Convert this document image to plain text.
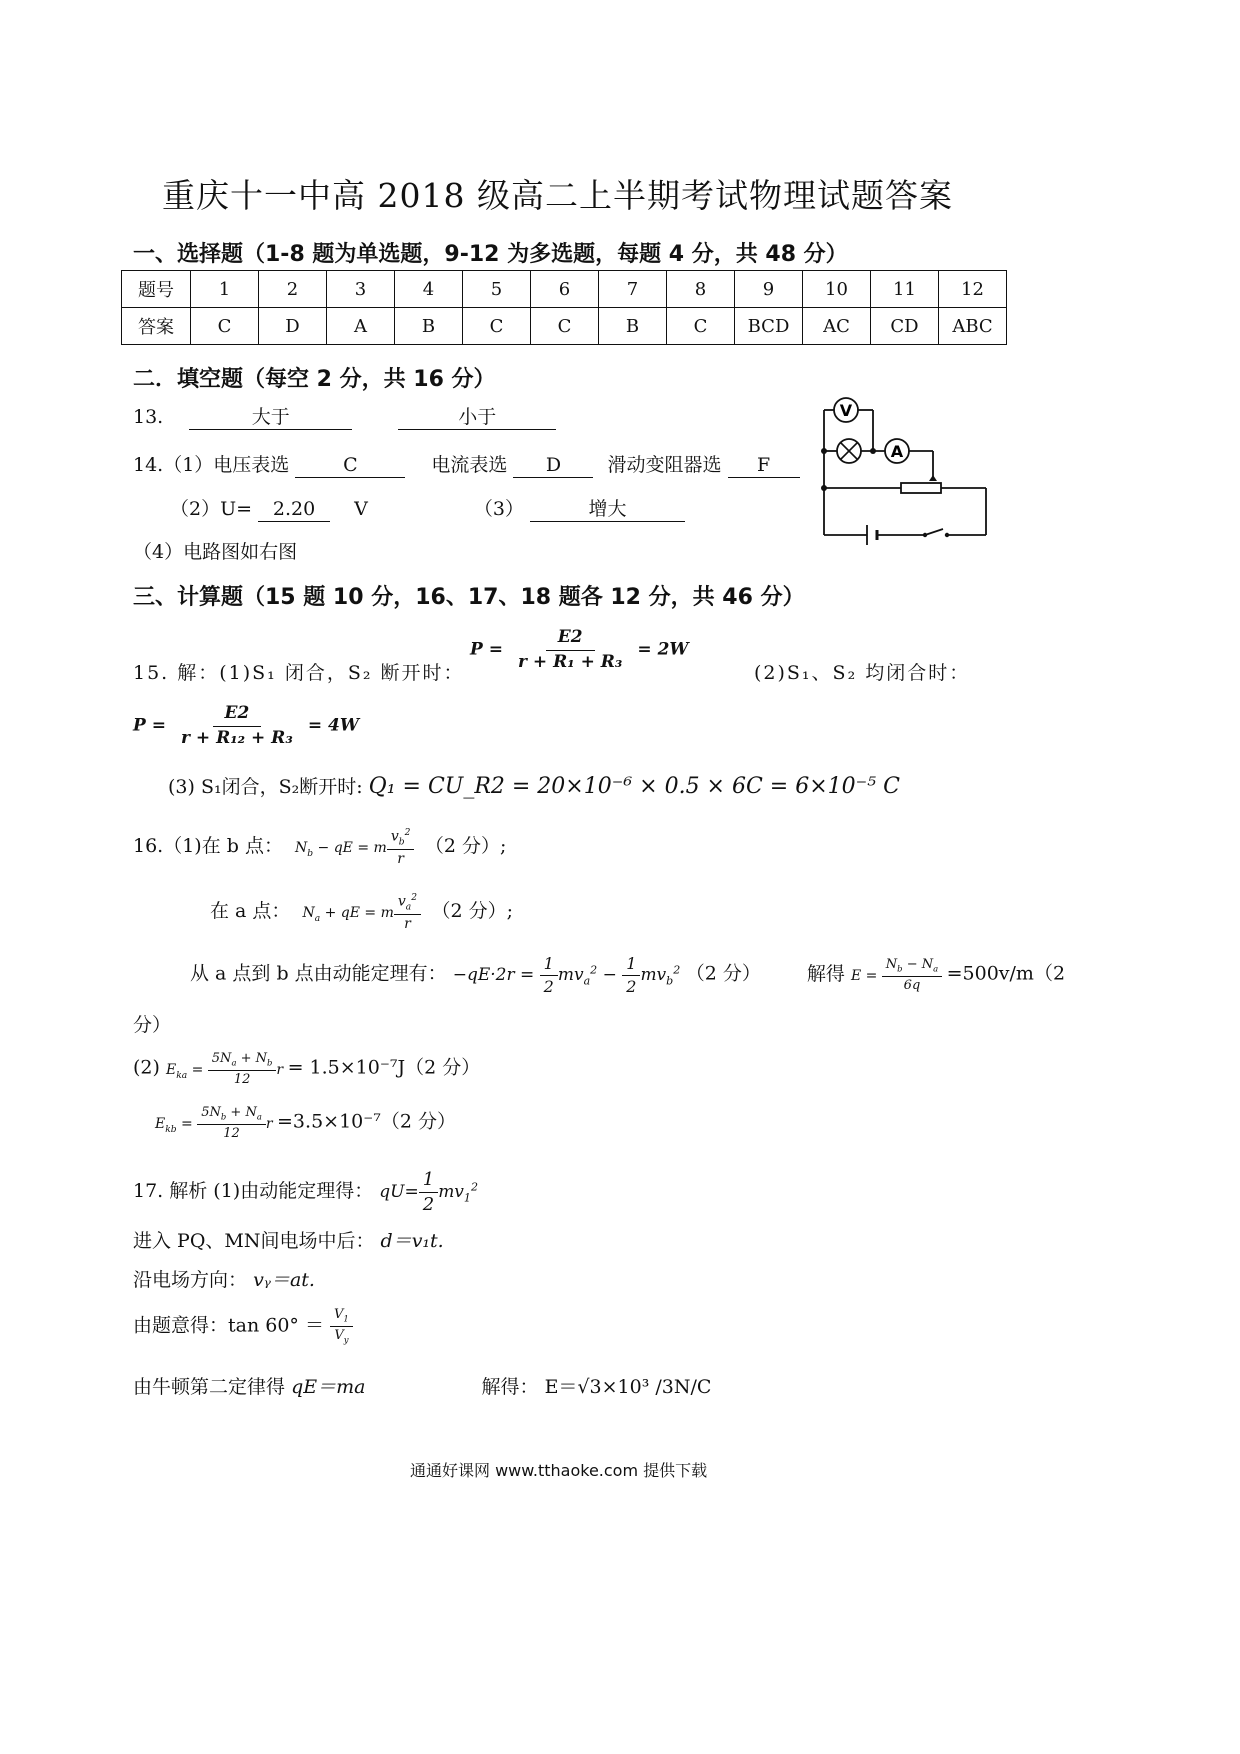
重庆十一中高 2018 级高二上半期考试物理试题答案
一、选择题（1-8 题为单选题，9-12 为多选题，每题 4 分，共 48 分）
题号	1	2	3	4	5	6	7	8	9	10	11	12
答案	C	D	A	B	C	C	B	C	BCD	AC	CD	ABC
二．填空题（每空 2 分，共 16 分）
13.	大于	小于
14.（1）电压表选	C	电流表选 D 滑动变阻器选 F
（2）U= 2.20 V	（3）	增大
（4）电路图如右图
V
A
三、计算题（15 题 10 分，16、17、18 题各 12 分，共 46 分）
15. 解：(1)S₁ 闭合，S₂ 断开时：
$P = \frac{E2}{\text{r + R₁ + R₃}} = 2W$
(2)S₁、S₂ 均闭合时：
$P = \frac{E2}{\text{r + R₁₂ + R₃}} = 4W$
(3) S₁闭合，S₂断开时: Q₁ = CU_R2 = 20×10⁻⁶ × 0.5 × 6C = 6×10⁻⁵ C
16.（1)在 b 点： $N_b$ − qE = m $\frac{v_b^2}{r} (2$ 分）;
在 a 点： $N_a$ + qE = m $\frac{v_a^2}{r} (2$ 分）;
从 a 点到 b 点由动能定理有： $-qE\cdot 2r = \frac{1}{2} mv_a^2 - \frac{1}{2} mv_b^2$ （2 分） 解得 $E = \frac{N_b - N_a}{6q} =500v/m(2$
分）
(2) $E_{ka} = \frac{5N_a + N_b}{12}$ r = 1.5×10⁻⁷J（2 分）
$E_{kb} = \frac{5N_b + N_a}{12}$ r =3.5×10⁻⁷（2 分）
17. 解析 (1)由动能定理得： $qU= \frac{1}{2} mv_1^2$
进入 PQ、MN间电场中后： d＝v₁t.
沿电场方向： vᵧ＝at.
由题意得：$\tan 60^\circ = \frac{V_1}{V_y}$
由牛顿第二定律得 qE＝ma	解得： E＝√3×10³ /3N/C
通通好课网 www.tthaoke.com 提供下载
